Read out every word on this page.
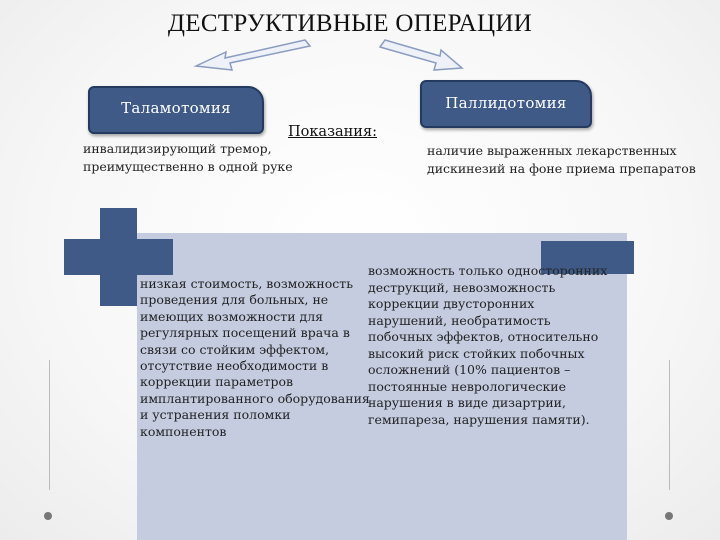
ДЕСТРУКТИВНЫЕ ОПЕРАЦИИ
Таламотомия	Паллидотомия
инвалидизирующий тремор, преимущественно в одной руке
Показания:
наличие выраженных лекарственных дискинезий на фоне приема препаратов
низкая стоимость, возможность проведения для больных, не имеющих возможности для регулярных посещений врача в связи со стойким эффектом, отсутствие необходимости в коррекции параметров имплантированного оборудования и устранения поломки компонентов
возможность только односторонних деструкций, невозможность коррекции двусторонних нарушений, необратимость побочных эффектов, относительно высокий риск стойких побочных осложнений (10% пациентов – постоянные неврологические нарушения в виде дизартрии, гемипареза, нарушения памяти).
